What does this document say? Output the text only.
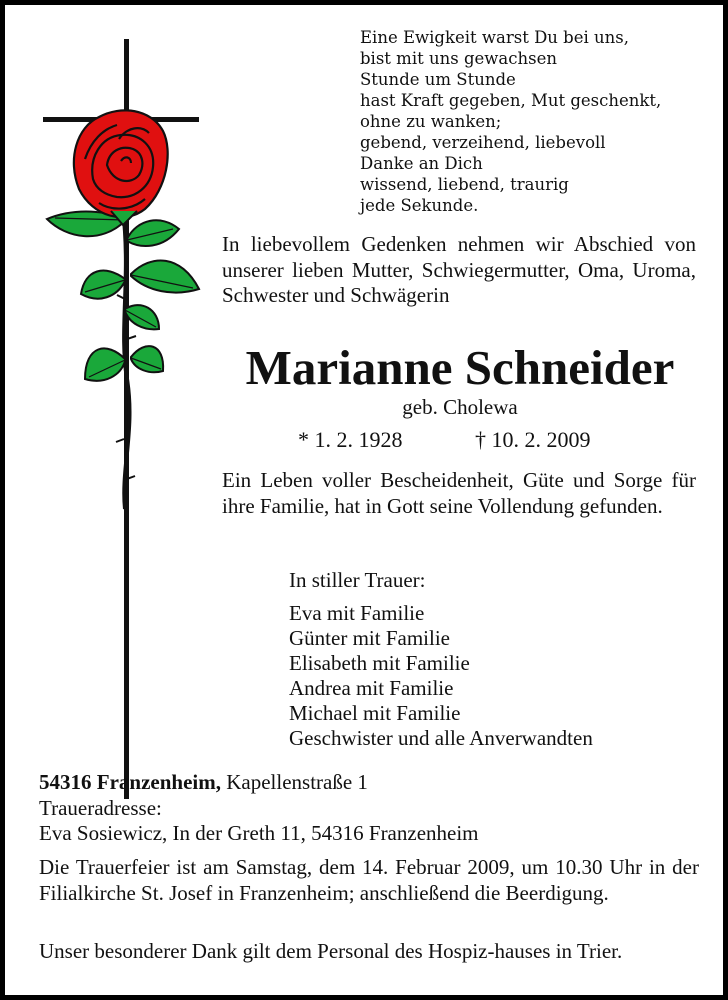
Eine Ewigkeit warst Du bei uns,
bist mit uns gewachsen
Stunde um Stunde
hast Kraft gegeben, Mut geschenkt,
ohne zu wanken;
gebend, verzeihend, liebevoll
Danke an Dich
wissend, liebend, traurig
jede Sekunde.
In liebevollem Gedenken nehmen wir Abschied von unserer lieben Mutter, Schwiegermutter, Oma, Uroma, Schwester und Schwägerin
Marianne Schneider
geb. Cholewa
* 1. 2. 1928	† 10. 2. 2009
Ein Leben voller Bescheidenheit, Güte und Sorge für ihre Familie, hat in Gott seine Vollendung gefunden.
In stiller Trauer:
Eva mit Familie
Günter mit Familie
Elisabeth mit Familie
Andrea mit Familie
Michael mit Familie
Geschwister und alle Anverwandten
54316 Franzenheim, Kapellenstraße 1
Traueradresse:
Eva Sosiewicz, In der Greth 11, 54316 Franzenheim
Die Trauerfeier ist am Samstag, dem 14. Februar 2009, um 10.30 Uhr in der Filialkirche St. Josef in Franzenheim; anschließend die Beerdigung.
Unser besonderer Dank gilt dem Personal des Hospiz-hauses in Trier.
